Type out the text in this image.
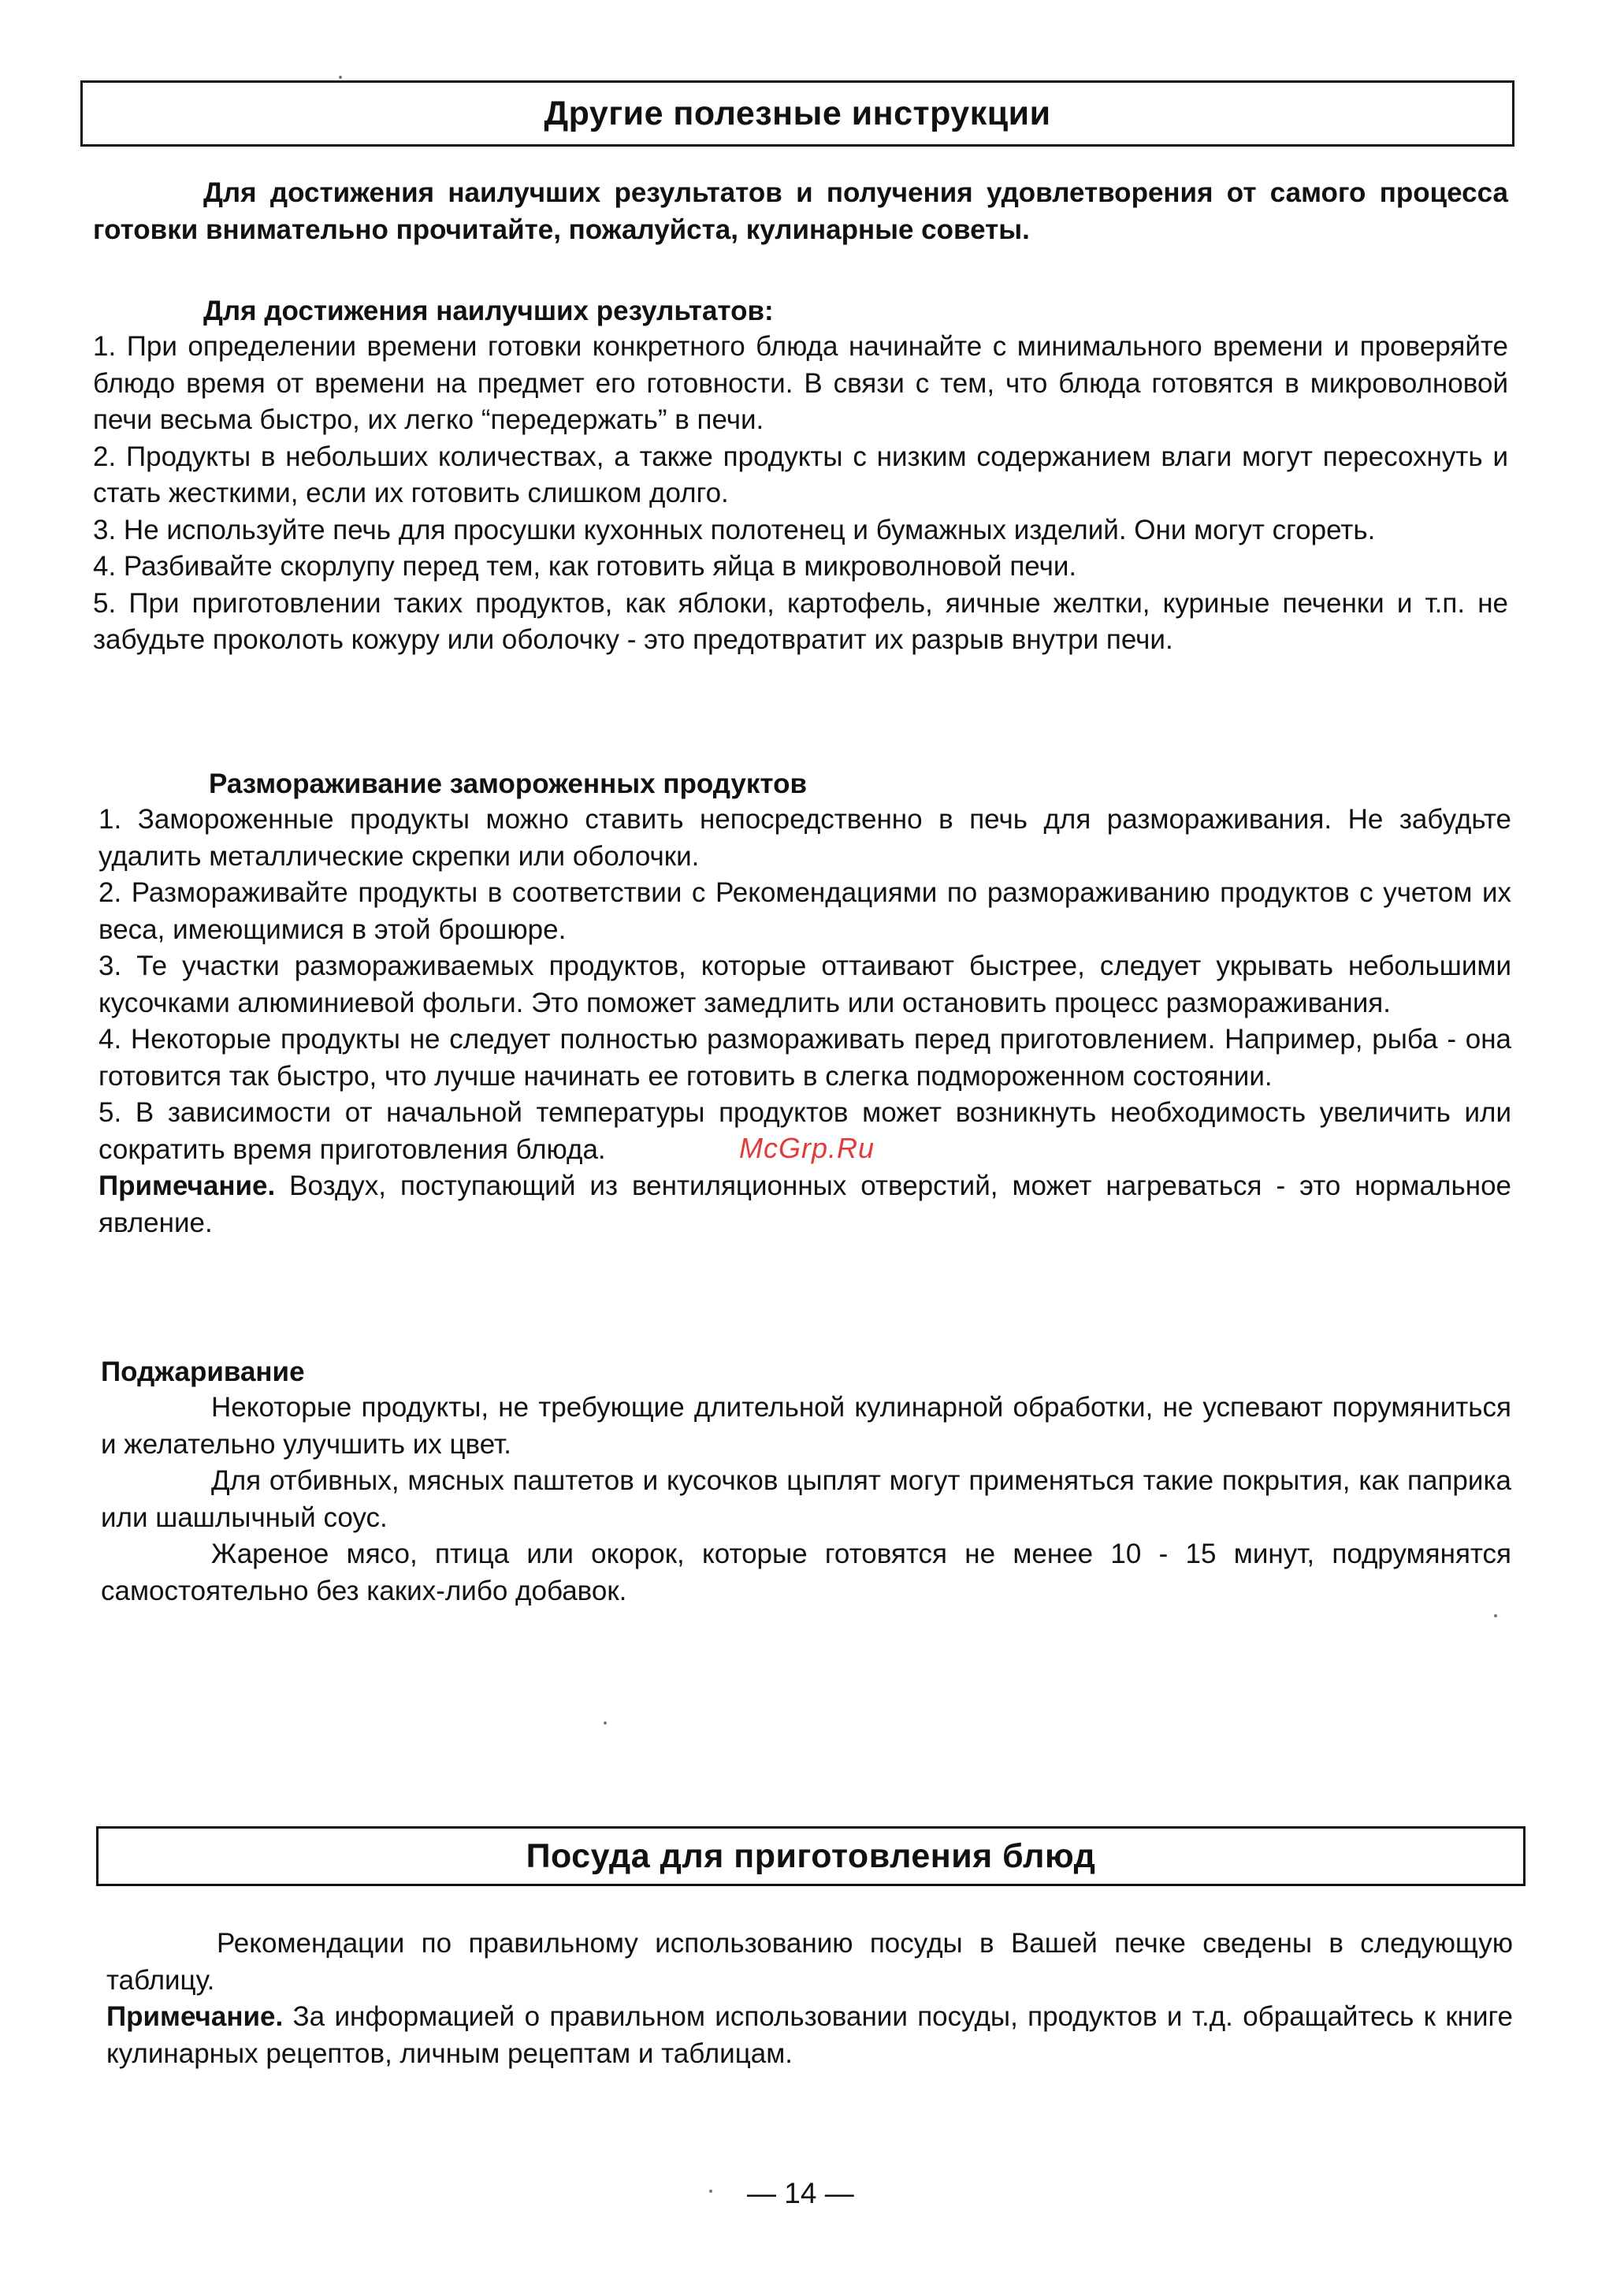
Другие полезные инструкции
Для достижения наилучших результатов и получения удовлетворения от самого процесса готовки внимательно прочитайте, пожалуйста, кулинарные советы.
Для достижения наилучших результатов:
1. При определении времени готовки конкретного блюда начинайте с минимального времени и проверяйте блюдо время от времени на предмет его готовности. В связи с тем, что блюда готовятся в микроволновой печи весьма быстро, их легко “передержать” в печи.
2. Продукты в небольших количествах, а также продукты с низким содержанием влаги могут пересохнуть и стать жесткими, если их готовить слишком долго.
3. Не используйте печь для просушки кухонных полотенец и бумажных изделий. Они могут сгореть.
4. Разбивайте скорлупу перед тем, как готовить яйца в микроволновой печи.
5. При приготовлении таких продуктов, как яблоки, картофель, яичные желтки, куриные печенки и т.п. не забудьте проколоть кожуру или оболочку - это предотвратит их разрыв внутри печи.
Размораживание замороженных продуктов
1. Замороженные продукты можно ставить непосредственно в печь для размораживания. Не забудьте удалить металлические скрепки или оболочки.
2. Размораживайте продукты в соответствии с Рекомендациями по размораживанию продуктов с учетом их веса, имеющимися в этой брошюре.
3. Те участки размораживаемых продуктов, которые оттаивают быстрее, следует укрывать небольшими кусочками алюминиевой фольги. Это поможет замедлить или остановить процесс размораживания.
4. Некоторые продукты не следует полностью размораживать перед приготовлением. Например, рыба - она готовится так быстро, что лучше начинать ее готовить в слегка подмороженном состоянии.
5. В зависимости от начальной температуры продуктов может возникнуть необходимость увеличить или сократить время приготовления блюда.
Примечание. Воздух, поступающий из вентиляционных отверстий, может нагреваться - это нормальное явление.
McGrp.Ru
Поджаривание
Некоторые продукты, не требующие длительной кулинарной обработки, не успевают порумяниться и желательно улучшить их цвет.
Для отбивных, мясных паштетов и кусочков цыплят могут применяться такие покрытия, как паприка или шашлычный соус.
Жареное мясо, птица или окорок, которые готовятся не менее 10 - 15 минут, подрумянятся самостоятельно без каких-либо добавок.
Посуда для приготовления блюд
Рекомендации по правильному использованию посуды в Вашей печке сведены в следующую таблицу.
Примечание. За информацией о правильном использовании посуды, продуктов и т.д. обращайтесь к книге кулинарных рецептов, личным рецептам и таблицам.
— 14 —
